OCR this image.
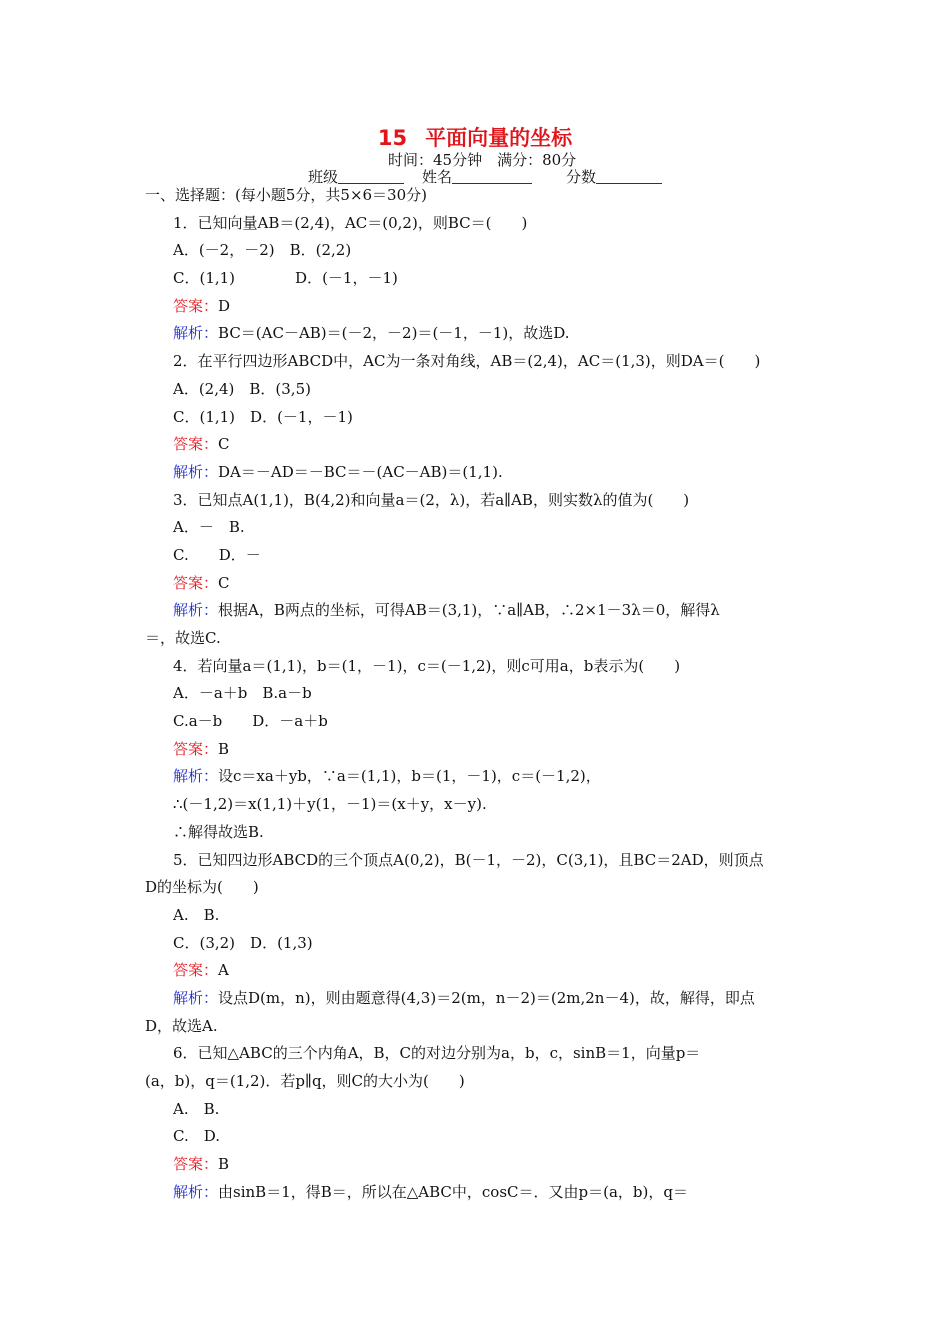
15 平面向量的坐标
时间：45分钟　满分：80分
班级	姓名	分数
一、选择题：(每小题5分，共5×6＝30分)
1．已知向量AB＝(2,4)，AC＝(0,2)，则BC＝(　　)
A．(－2，－2)　B．(2,2)
C．(1,1)　　　　D．(－1，－1)
答案：D
解析：BC＝(AC－AB)＝(－2，－2)＝(－1，－1)，故选D.
2．在平行四边形ABCD中，AC为一条对角线，AB＝(2,4)，AC＝(1,3)，则DA＝(　　)
A．(2,4)　B．(3,5)
C．(1,1)　D．(－1，－1)
答案：C
解析：DA＝－AD＝－BC＝－(AC－AB)＝(1,1).
3．已知点A(1,1)，B(4,2)和向量a＝(2，λ)，若a∥AB，则实数λ的值为(　　)
A．－　B.
C.　　D．－
答案：C
解析：根据A，B两点的坐标，可得AB＝(3,1)，∵a∥AB，∴2×1－3λ＝0，解得λ
＝，故选C.
4．若向量a＝(1,1)，b＝(1，－1)，c＝(－1,2)，则c可用a，b表示为(　　)
A．－a＋b　B.a－b
C.a－b　　D．－a＋b
答案：B
解析：设c＝xa＋yb，∵a＝(1,1)，b＝(1，－1)，c＝(－1,2)，
∴(－1,2)＝x(1,1)＋y(1，－1)＝(x＋y，x－y).
∴解得故选B.
5．已知四边形ABCD的三个顶点A(0,2)，B(－1，－2)，C(3,1)，且BC＝2AD，则顶点
D的坐标为(　　)
A.　B.
C．(3,2)　D．(1,3)
答案：A
解析：设点D(m，n)，则由题意得(4,3)＝2(m，n－2)＝(2m,2n－4)，故，解得，即点
D，故选A.
6．已知△ABC的三个内角A，B，C的对边分别为a，b，c，sinB＝1，向量p＝
(a，b)，q＝(1,2)．若p∥q，则C的大小为(　　)
A.　B.
C.　D.
答案：B
解析：由sinB＝1，得B＝，所以在△ABC中，cosC＝．又由p＝(a，b)，q＝
